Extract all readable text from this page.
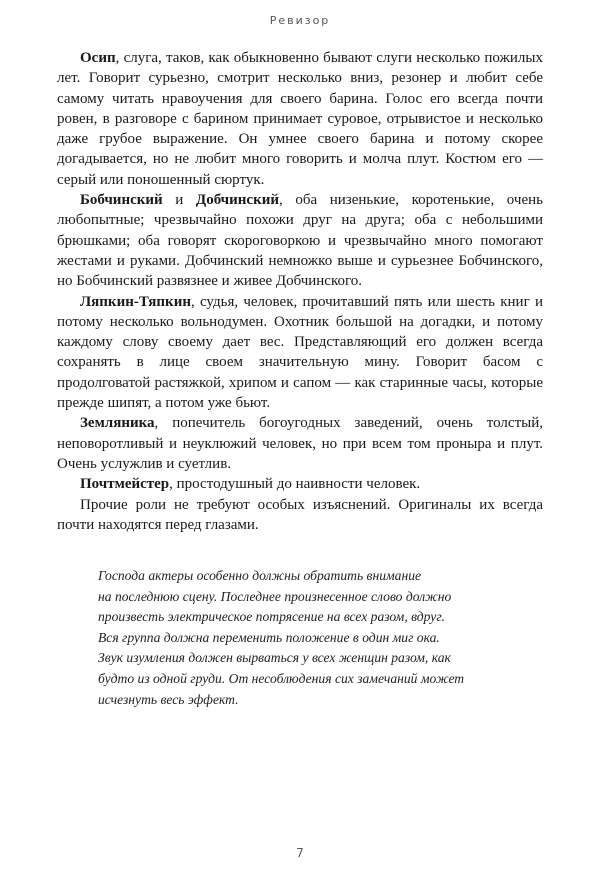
Ревизор

Осип, слуга, таков, как обыкновенно бывают слуги несколько пожилых лет. Говорит сурьезно, смотрит несколько вниз, резонер и любит себе самому читать нравоучения для своего барина. Голос его всегда почти ровен, в разговоре с барином принимает суровое, отрывистое и несколько даже грубое выражение. Он умнее своего барина и потому скорее догадывается, но не любит много говорить и молча плут. Костюм его — серый или поношенный сюртук.

Бобчинский и Добчинский, оба низенькие, коротенькие, очень любопытные; чрезвычайно похожи друг на друга; оба с небольшими брюшками; оба говорят скороговоркою и чрезвычайно много помогают жестами и руками. Добчинский немножко выше и сурьезнее Бобчинского, но Бобчинский развязнее и живее Добчинского.

Ляпкин-Тяпкин, судья, человек, прочитавший пять или шесть книг и потому несколько вольнодумен. Охотник большой на догадки, и потому каждому слову своему дает вес. Представляющий его должен всегда сохранять в лице своем значительную мину. Говорит басом с продолговатой растяжкой, хрипом и сапом — как старинные часы, которые прежде шипят, а потом уже бьют.

Земляника, попечитель богоугодных заведений, очень толстый, неповоротливый и неуклюжий человек, но при всем том проныра и плут. Очень услужлив и суетлив.

Почтмейстер, простодушный до наивности человек.

Прочие роли не требуют особых изъяснений. Оригиналы их всегда почти находятся перед глазами.

Господа актеры особенно должны обратить внимание

на последнюю сцену. Последнее произнесенное слово должно

произвесть электрическое потрясение на всех разом, вдруг.

Вся группа должна переменить положение в один миг ока.

Звук изумления должен вырваться у всех женщин разом, как

будто из одной груди. От несоблюдения сих замечаний может

исчезнуть весь эффект.

7
